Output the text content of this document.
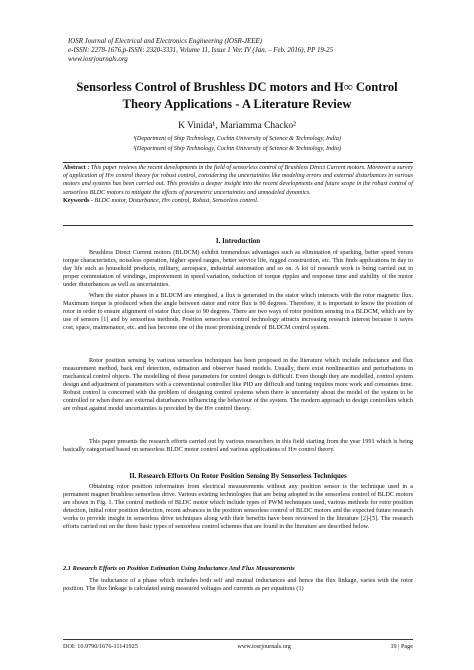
IOSR Journal of Electrical and Electronics Engineering (IOSR-JEEE)
e-ISSN: 2278-1676,p-ISSN: 2320-3331, Volume 11, Issue 1 Ver. IV (Jan. – Feb. 2016), PP 19-25
www.iosrjournals.org
Sensorless Control of Brushless DC motors and H∞ Control
Theory Applications - A Literature Review
K Vinida¹, Mariamma Chacko²
¹(Department of Ship Technology, Cochin University of Science & Technology, India)
²(Department of Ship Technology, Cochin University of Science & Technology, India)
Abstract : This paper reviews the recent developments in the field of sensorless control of Brushless Direct Current motors. Moreover a survey of application of H∞ control theory for robust control, considering the uncertainties like modeling errors and external disturbances in various motors and systems has been carried out. This provides a deeper insight into the recent developments and future scope in the robust control of sensorless BLDC motors to mitigate the effects of parametric uncertainties and unmodeled dynamics.
Keywords - BLDC motor, Disturbance, H∞ control, Robust, Sensorless control.
I. Introduction
Brushless Direct Current motors (BLDCM) exhibit tremendous advantages such as elimination of sparking, better speed verses torque characteristics, noiseless operation, higher speed ranges, better service life, rugged construction, etc. This finds applications in day to day life such as household products, military, aerospace, industrial automation and so on. A lot of research work is being carried out in proper commutation of windings, improvement in speed variation, reduction of torque ripples and response time and stability of the motor under disturbances as well as uncertainties.
When the stator phases in a BLDCM are energised, a flux is generated in the stator which interacts with the rotor magnetic flux. Maximum torque is produced when the angle between stator and rotor flux is 90 degrees. Therefore, it is important to know the position of rotor in order to ensure alignment of stator flux close to 90 degrees. There are two ways of rotor position sensing in a BLDCM, which are by use of sensors [1] and by sensorless methods. Position sensorless control technology attracts increasing research interest because it saves cost, space, maintenance, etc. and has become one of the most promising trends of BLDCM control system.
Rotor position sensing by various sensorless techniques has been proposed in the literature which include inductance and flux measurement method, back emf detection, estimation and observer based models. Usually, there exist nonlinearities and perturbations in mechanical control objects. The modelling of these parameters for control design is difficult. Even though they are modelled, control system design and adjustment of parameters with a conventional controller like PID are difficult and tuning requires more work and consumes time. Robust control is concerned with the problem of designing control systems when there is uncertainty about the model of the system to be controlled or when there are external disturbances influencing the behaviour of the system. The modern approach to design controllers which are robust against model uncertainties is provided by the H∞ control theory.
This paper presents the research efforts carried out by various researchers in this field starting from the year 1991 which is being basically categorised based on sensorless BLDC motor control and various applications of H∞ control theory.
II. Research Efforts On Rotor Position Sensing By Sensorless Techniques
Obtaining rotor position information from electrical measurements without any position sensor is the technique used in a permanent magnet brushless sensorless drive. Various existing technologies that are being adopted in the sensorless control of BLDC motors are shown in Fig. 1. The control methods of BLDC motor which include types of PWM techniques used, various methods for rotor position detection, initial rotor position detection, recent advances in the position sensorless control of BLDC motors and the expected future research works to provide insight in sensorless drive techniques along with their benefits have been reviewed in the literature [2]-[5]. The research efforts carried out on the three basic types of sensorless control schemes that are found in the literature are described below.
2.1 Research Efforts on Position Estimation Using Inductance And Flux Measurements
The inductance of a phase which includes both self and mutual inductances and hence the flux linkage, varies with the rotor position. The flux linkage is calculated using measured voltages and currents as per equations (1)
DOI: 10.9790/1676-11141925	www.iosrjournals.org	19 | Page
